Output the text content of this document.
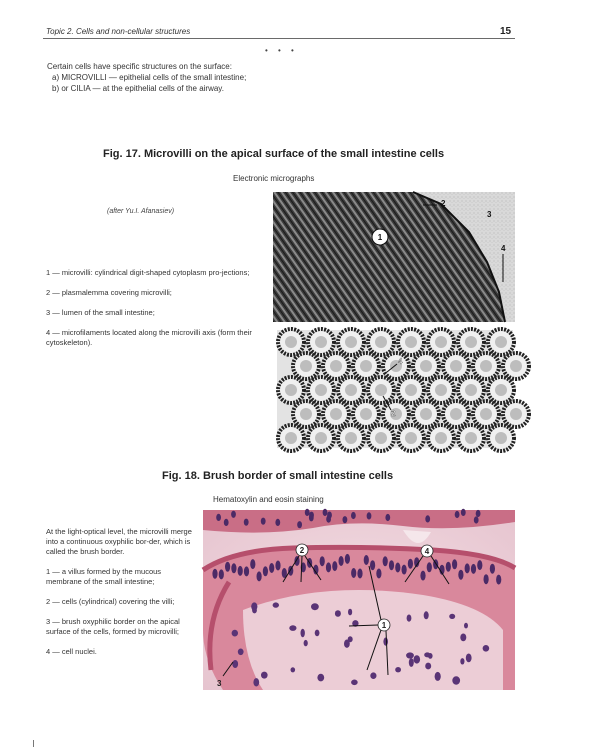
Topic 2. Cells and non-cellular structures	15
• • •
Certain cells have specific structures on the surface:
a) MICROVILLI — epithelial cells of the small intestine;
b) or CILIA — at the epithelial cells of the airway.
Fig. 17. Microvilli on the apical surface of the small intestine cells
Electronic micrographs
(after Yu.I. Afanasiev)

1 — microvilli: cylindrical digit-shaped cytoplasm pro-jections;

2 — plasmalemma covering microvilli;

3 — lumen of the small intestine;

4 — microfilaments located along the microvilli axis (form their cytoskeleton).

1
2
3
4
4
2
Fig. 18. Brush border of small intestine cells
Hematoxylin and eosin staining

At the light-optical level, the microvilli merge into a continuous oxyphilic bor-der, which is called the brush border.

1 — a villus formed by the mucous membrane of the small intestine;

2 — cells (cylindrical) covering the villi;

3 — brush oxyphilic border on the apical surface of the cells, formed by microvilli;

4 — cell nuclei.

2	4
1
3
